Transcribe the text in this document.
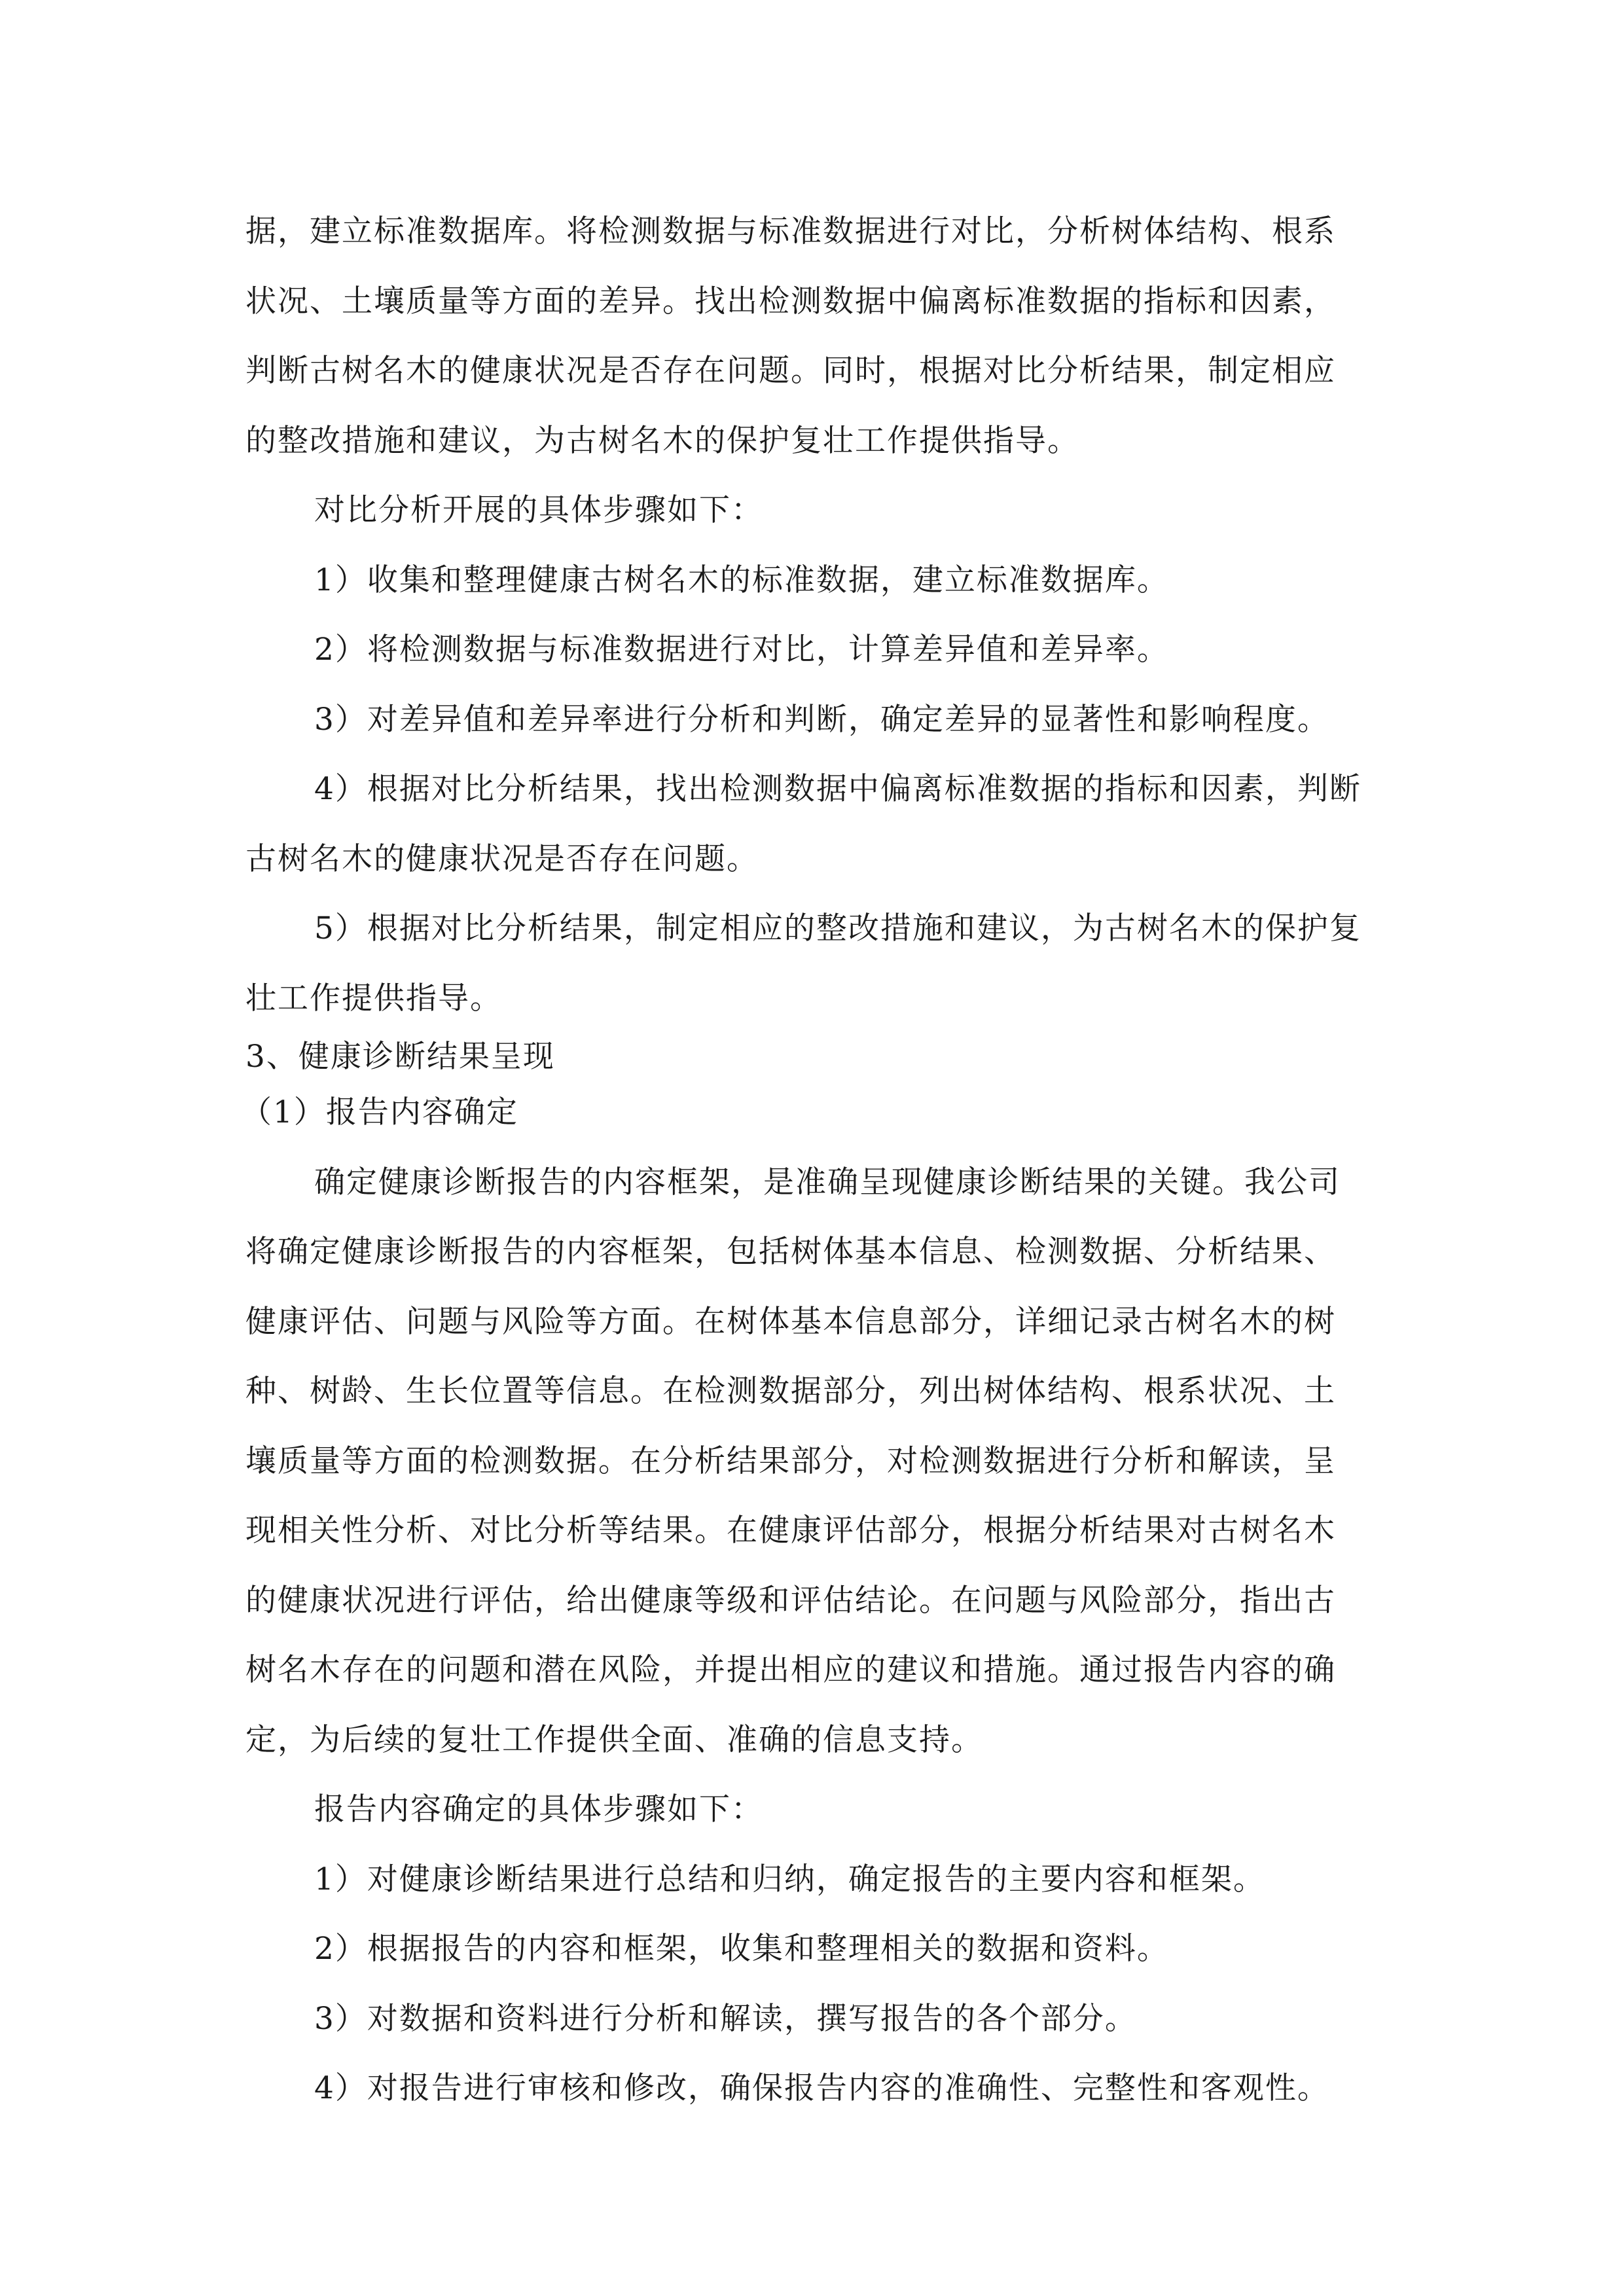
据，建立标准数据库。将检测数据与标准数据进行对比，分析树体结构、根系
状况、土壤质量等方面的差异。找出检测数据中偏离标准数据的指标和因素，
判断古树名木的健康状况是否存在问题。同时，根据对比分析结果，制定相应
的整改措施和建议，为古树名木的保护复壮工作提供指导。
对比分析开展的具体步骤如下：
1）收集和整理健康古树名木的标准数据，建立标准数据库。
2）将检测数据与标准数据进行对比，计算差异值和差异率。
3）对差异值和差异率进行分析和判断，确定差异的显著性和影响程度。
4）根据对比分析结果，找出检测数据中偏离标准数据的指标和因素，判断
古树名木的健康状况是否存在问题。
5）根据对比分析结果，制定相应的整改措施和建议，为古树名木的保护复
壮工作提供指导。
3、健康诊断结果呈现
（1）报告内容确定
确定健康诊断报告的内容框架，是准确呈现健康诊断结果的关键。我公司
将确定健康诊断报告的内容框架，包括树体基本信息、检测数据、分析结果、
健康评估、问题与风险等方面。在树体基本信息部分，详细记录古树名木的树
种、树龄、生长位置等信息。在检测数据部分，列出树体结构、根系状况、土
壤质量等方面的检测数据。在分析结果部分，对检测数据进行分析和解读，呈
现相关性分析、对比分析等结果。在健康评估部分，根据分析结果对古树名木
的健康状况进行评估，给出健康等级和评估结论。在问题与风险部分，指出古
树名木存在的问题和潜在风险，并提出相应的建议和措施。通过报告内容的确
定，为后续的复壮工作提供全面、准确的信息支持。
报告内容确定的具体步骤如下：
1）对健康诊断结果进行总结和归纳，确定报告的主要内容和框架。
2）根据报告的内容和框架，收集和整理相关的数据和资料。
3）对数据和资料进行分析和解读，撰写报告的各个部分。
4）对报告进行审核和修改，确保报告内容的准确性、完整性和客观性。
